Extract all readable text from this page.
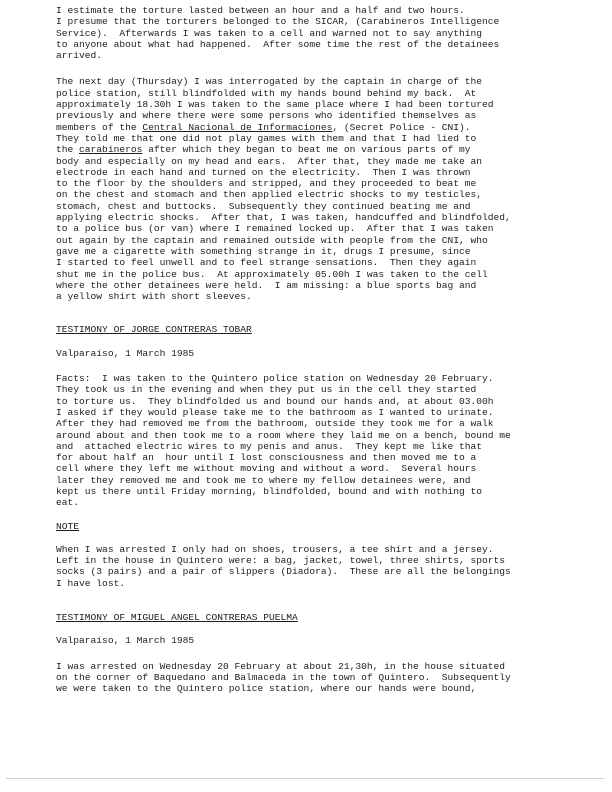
I estimate the torture lasted between an hour and a half and two hours.
I presume that the torturers belonged to the SICAR, (Carabineros Intelligence
Service).  Afterwards I was taken to a cell and warned not to say anything
to anyone about what had happened.  After some time the rest of the detainees
arrived.
The next day (Thursday) I was interrogated by the captain in charge of the
police station, still blindfolded with my hands bound behind my back.  At
approximately 18.30h I was taken to the same place where I had been tortured
previously and where there were some persons who identified themselves as
members of the Central Nacional de Informaciones, (Secret Police - CNI).
They told me that one did not play games with them and that I had lied to
the carabineros after which they began to beat me on various parts of my
body and especially on my head and ears.  After that, they made me take an
electrode in each hand and turned on the electricity.  Then I was thrown
to the floor by the shoulders and stripped, and they proceeded to beat me
on the chest and stomach and then applied electric shocks to my testicles,
stomach, chest and buttocks.  Subsequently they continued beating me and
applying electric shocks.  After that, I was taken, handcuffed and blindfolded,
to a police bus (or van) where I remained locked up.  After that I was taken
out again by the captain and remained outside with people from the CNI, who
gave me a cigarette with something strange in it, drugs I presume, since
I started to feel unwell and to feel strange sensations.  Then they again
shut me in the police bus.  At approximately 05.00h I was taken to the cell
where the other detainees were held.  I am missing: a blue sports bag and
a yellow shirt with short sleeves.
TESTIMONY OF JORGE CONTRERAS TOBAR
Valparaíso, 1 March 1985
Facts:  I was taken to the Quintero police station on Wednesday 20 February.
They took us in the evening and when they put us in the cell they started
to torture us.  They blindfolded us and bound our hands and, at about 03.00h
I asked if they would please take me to the bathroom as I wanted to urinate.
After they had removed me from the bathroom, outside they took me for a walk
around about and then took me to a room where they laid me on a bench, bound me
and  attached electric wires to my penis and anus.  They kept me like that
for about half an  hour until I lost consciousness and then moved me to a
cell where they left me without moving and without a word.  Several hours
later they removed me and took me to where my fellow detainees were, and
kept us there until Friday morning, blindfolded, bound and with nothing to
eat.
NOTE
When I was arrested I only had on shoes, trousers, a tee shirt and a jersey.
Left in the house in Quintero were: a bag, jacket, towel, three shirts, sports
socks (3 pairs) and a pair of slippers (Diadora).  These are all the belongings
I have lost.
TESTIMONY OF MIGUEL ANGEL CONTRERAS PUELMA
Valparaíso, 1 March 1985
I was arrested on Wednesday 20 February at about 21,30h, in the house situated
on the corner of Baquedano and Balmaceda in the town of Quintero.  Subsequently
we were taken to the Quintero police station, where our hands were bound,
